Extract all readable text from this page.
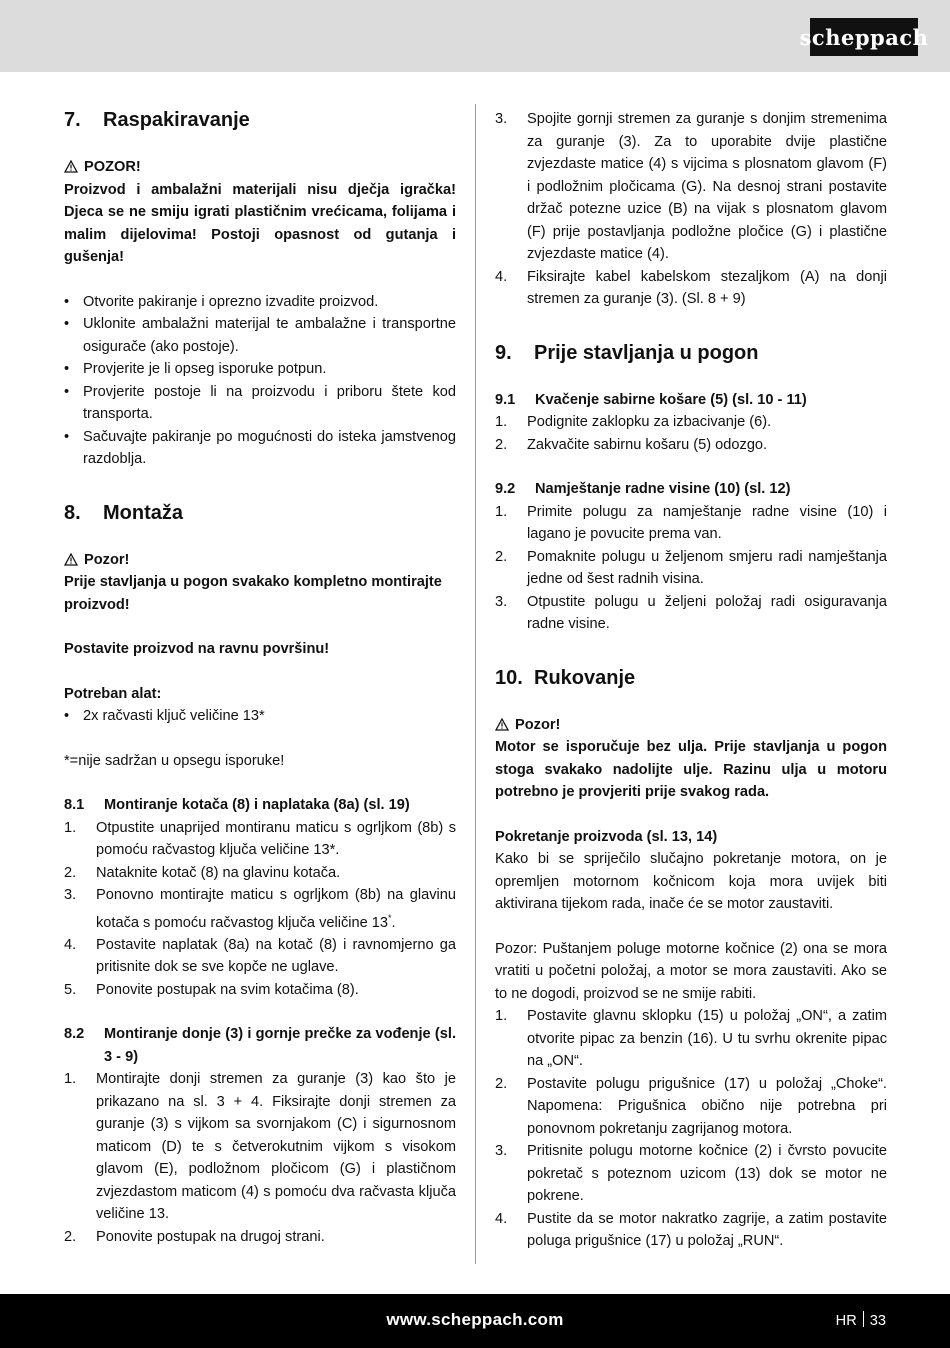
scheppach
7.	Raspakiravanje
POZOR!

Proizvod i ambalažni materijali nisu dječja igračka! Djeca se ne smiju igrati plastičnim vrećicama, folijama i malim dijelovima! Postoji opasnost od gutanja i gušenja!

• Otvorite pakiranje i oprezno izvadite proizvod.
• Uklonite ambalažni materijal te ambalažne i transportne osigurače (ako postoje).
• Provjerite je li opseg isporuke potpun.
• Provjerite postoje li na proizvodu i priboru štete kod transporta.
• Sačuvajte pakiranje po mogućnosti do isteka jamstvenog razdoblja.
8.	Montaža
Pozor!

Prije stavljanja u pogon svakako kompletno montirajte proizvod!

Postavite proizvod na ravnu površinu!

Potreban alat:

• 2x račvasti ključ veličine 13*

*=nije sadržan u opsegu isporuke!

8.1	Montiranje kotača (8) i naplataka (8a) (sl. 19)
1.	Otpustite unaprijed montiranu maticu s ogrljkom (8b) s pomoću račvastog ključa veličine 13*.
2.	Nataknite kotač (8) na glavinu kotača.
3.	Ponovno montirajte maticu s ogrljkom (8b) na glavinu kotača s pomoću račvastog ključa veličine 13*.
4.	Postavite naplatak (8a) na kotač (8) i ravnomjerno ga pritisnite dok se sve kopče ne uglave.
5.	Ponovite postupak na svim kotačima (8).
8.2	Montiranje donje (3) i gornje prečke za vođenje (sl. 3 - 9)
1.	Montirajte donji stremen za guranje (3) kao što je prikazano na sl. 3 + 4. Fiksirajte donji stremen za guranje (3) s vijkom sa svornjakom (C) i sigurnosnom maticom (D) te s četverokutnim vijkom s visokom glavom (E), podložnom pločicom (G) i plastičnom zvjezdastom maticom (4) s pomoću dva račvasta ključa veličine 13.
2.	Ponovite postupak na drugoj strani.
3.	Spojite gornji stremen za guranje s donjim stremenima za guranje (3). Za to uporabite dvije plastične zvjezdaste matice (4) s vijcima s plosnatom glavom (F) i podložnim pločicama (G). Na desnoj strani postavite držač potezne uzice (B) na vijak s plosnatom glavom (F) prije postavljanja podložne pločice (G) i plastične zvjezdaste matice (4).
4.	Fiksirajte kabel kabelskom stezaljkom (A) na donji stremen za guranje (3). (Sl. 8 + 9)
9.	Prije stavljanja u pogon
9.1	Kvačenje sabirne košare (5) (sl. 10 - 11)
1.	Podignite zaklopku za izbacivanje (6).
2.	Zakvačite sabirnu košaru (5) odozgo.
9.2	Namještanje radne visine (10) (sl. 12)
1.	Primite polugu za namještanje radne visine (10) i lagano je povucite prema van.
2.	Pomaknite polugu u željenom smjeru radi namještanja jedne od šest radnih visina.
3.	Otpustite polugu u željeni položaj radi osiguravanja radne visine.
10. Rukovanje
Pozor!

Motor se isporučuje bez ulja. Prije stavljanja u pogon stoga svakako nadolijte ulje. Razinu ulja u motoru potrebno je provjeriti prije svakog rada.

Pokretanje proizvoda (sl. 13, 14)

Kako bi se spriječilo slučajno pokretanje motora, on je opremljen motornom kočnicom koja mora uvijek biti aktivirana tijekom rada, inače će se motor zaustaviti.

Pozor: Puštanjem poluge motorne kočnice (2) ona se mora vratiti u početni položaj, a motor se mora zaustaviti. Ako se to ne dogodi, proizvod se ne smije rabiti.

1.	Postavite glavnu sklopku (15) u položaj „ON“, a zatim otvorite pipac za benzin (16). U tu svrhu okrenite pipac na „ON“.
2.	Postavite polugu prigušnice (17) u položaj „Choke“. Napomena: Prigušnica obično nije potrebna pri ponovnom pokretanju zagrijanog motora.
3.	Pritisnite polugu motorne kočnice (2) i čvrsto povucite pokretač s poteznom uzicom (13) dok se motor ne pokrene.
4.	Pustite da se motor nakratko zagrije, a zatim postavite poluga prigušnice (17) u položaj „RUN“.
www.scheppach.com	HR 33
